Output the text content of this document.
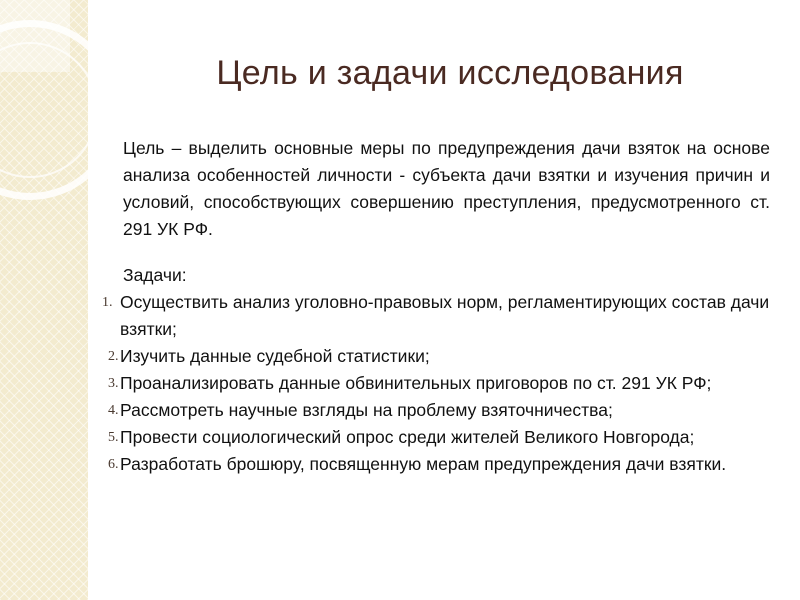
Цель и задачи исследования

Цель – выделить основные меры по предупреждения дачи взяток на основе анализа особенностей личности - субъекта дачи взятки и изучения причин и условий, способствующих совершению преступления, предусмотренного ст. 291 УК РФ.

Задачи:

1. Осуществить анализ уголовно-правовых норм, регламентирующих состав дачи взятки;
2. Изучить данные судебной статистики;
3. Проанализировать данные обвинительных приговоров по ст. 291 УК РФ;
4. Рассмотреть научные взгляды на проблему взяточничества;
5. Провести социологический опрос среди жителей Великого Новгорода;
6. Разработать брошюру, посвященную мерам предупреждения дачи взятки.
